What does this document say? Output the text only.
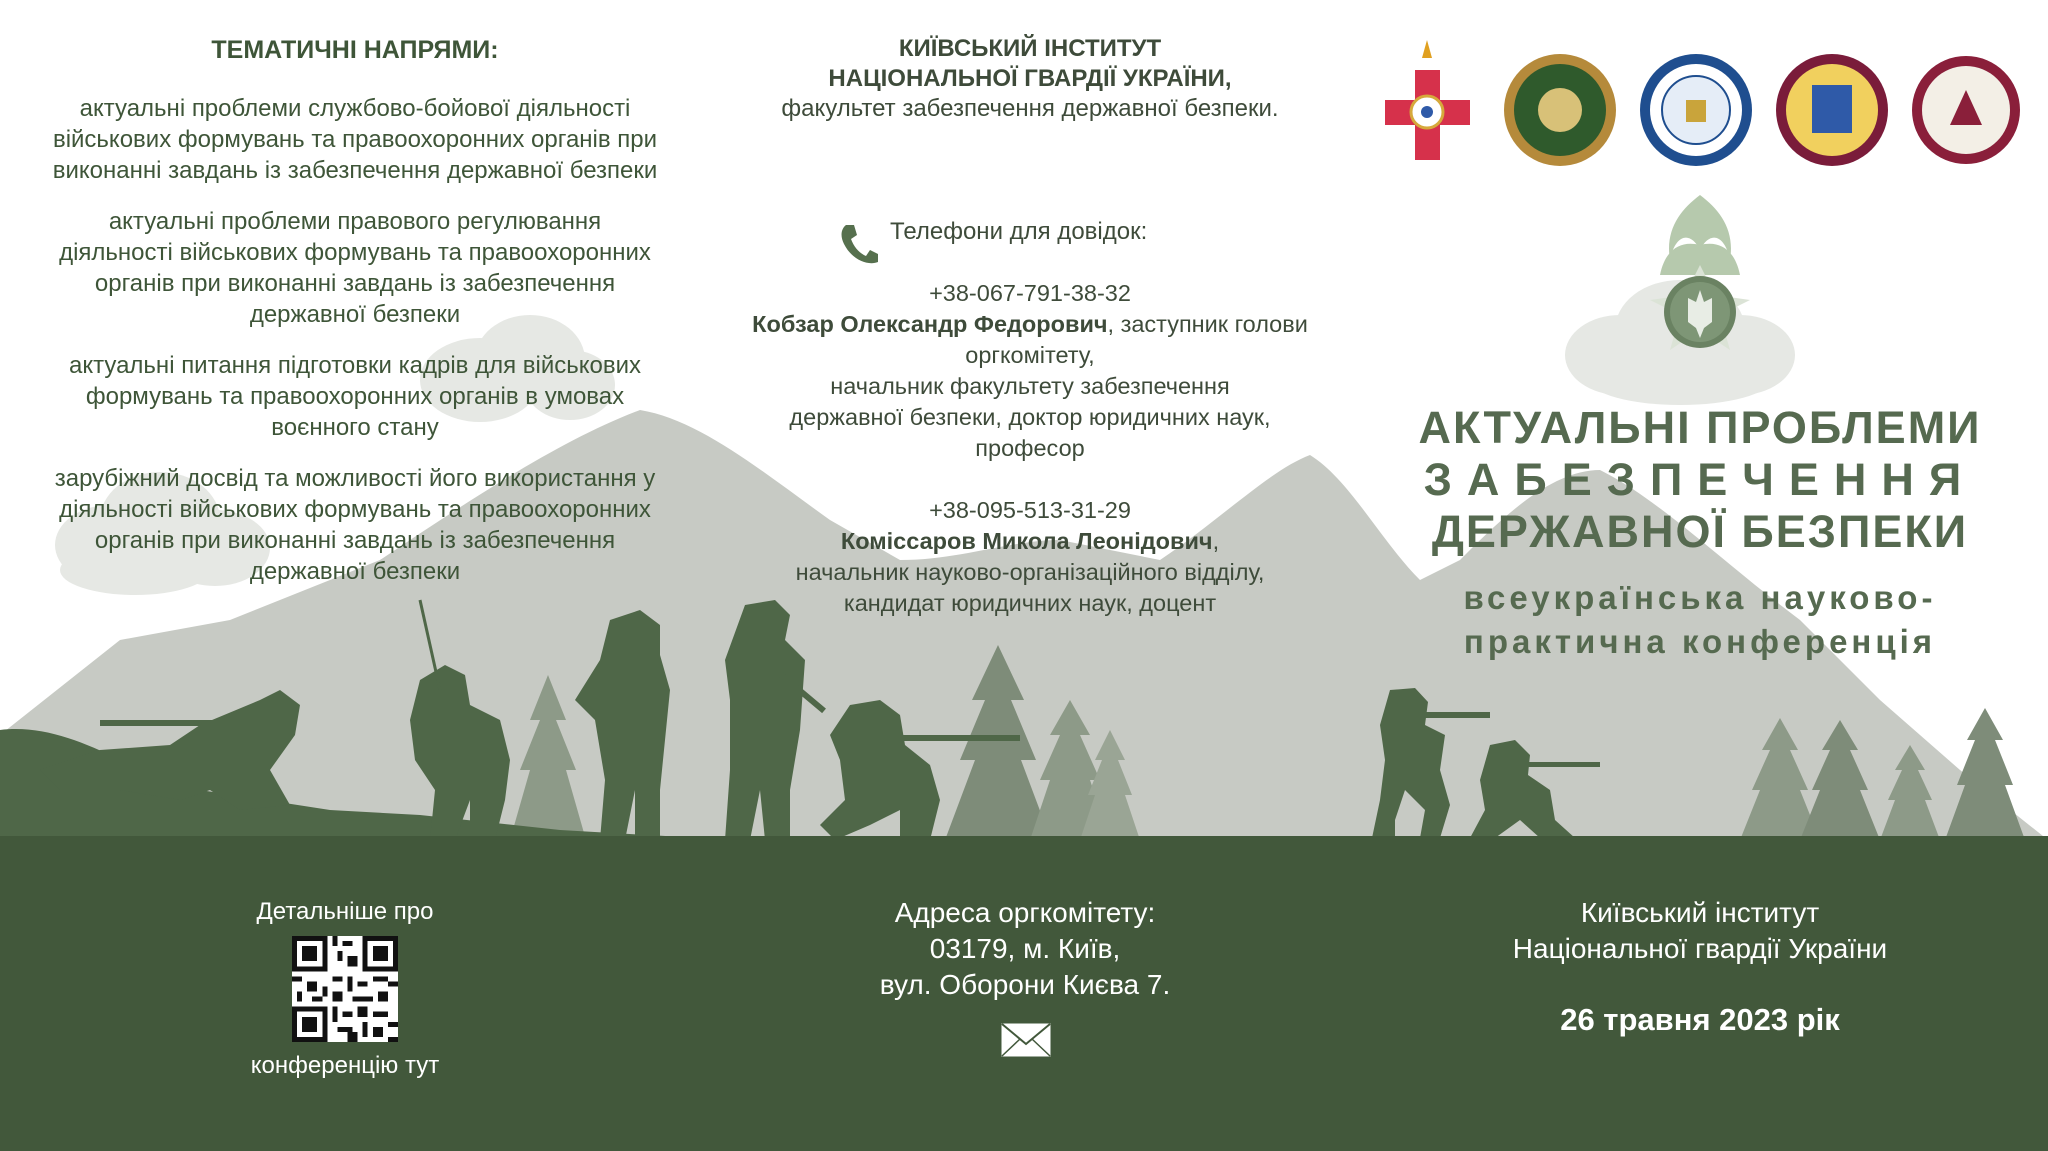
ТЕМАТИЧНІ НАПРЯМИ:

актуальні проблеми службово-бойової діяльності військових формувань та правоохоронних органів при виконанні завдань із забезпечення державної безпеки

актуальні проблеми правового регулювання діяльності військових формувань та правоохоронних органів при виконанні завдань із забезпечення державної безпеки

актуальні питання підготовки кадрів для військових формувань та правоохоронних органів в умовах воєнного стану

зарубіжний досвід та можливості його використання у діяльності військових формувань та правоохоронних органів при виконанні завдань із забезпечення державної безпеки

КИЇВСЬКИЙ ІНСТИТУТ

НАЦІОНАЛЬНОЇ ГВАРДІЇ УКРАЇНИ,

факультет забезпечення державної безпеки.

Телефони для довідок:

+38-067-791-38-32

Кобзар Олександр Федорович, заступник голови оргкомітету,

начальник факультету забезпечення

державної безпеки, доктор юридичних наук,

професор

+38-095-513-31-29

Коміссаров Микола Леонідович,

начальник науково-організаційного відділу,

кандидат юридичних наук, доцент

АКТУАЛЬНІ ПРОБЛЕМИ

ЗАБЕЗПЕЧЕННЯ

ДЕРЖАВНОЇ БЕЗПЕКИ

всеукраїнська науково-
практична конференція
Детальніше про
конференцію тут

Адреса оргкомітету:

03179, м. Київ,

вул. Оборони Києва 7.

Київський інститут

Національної гвардії України

26 травня 2023 рік
